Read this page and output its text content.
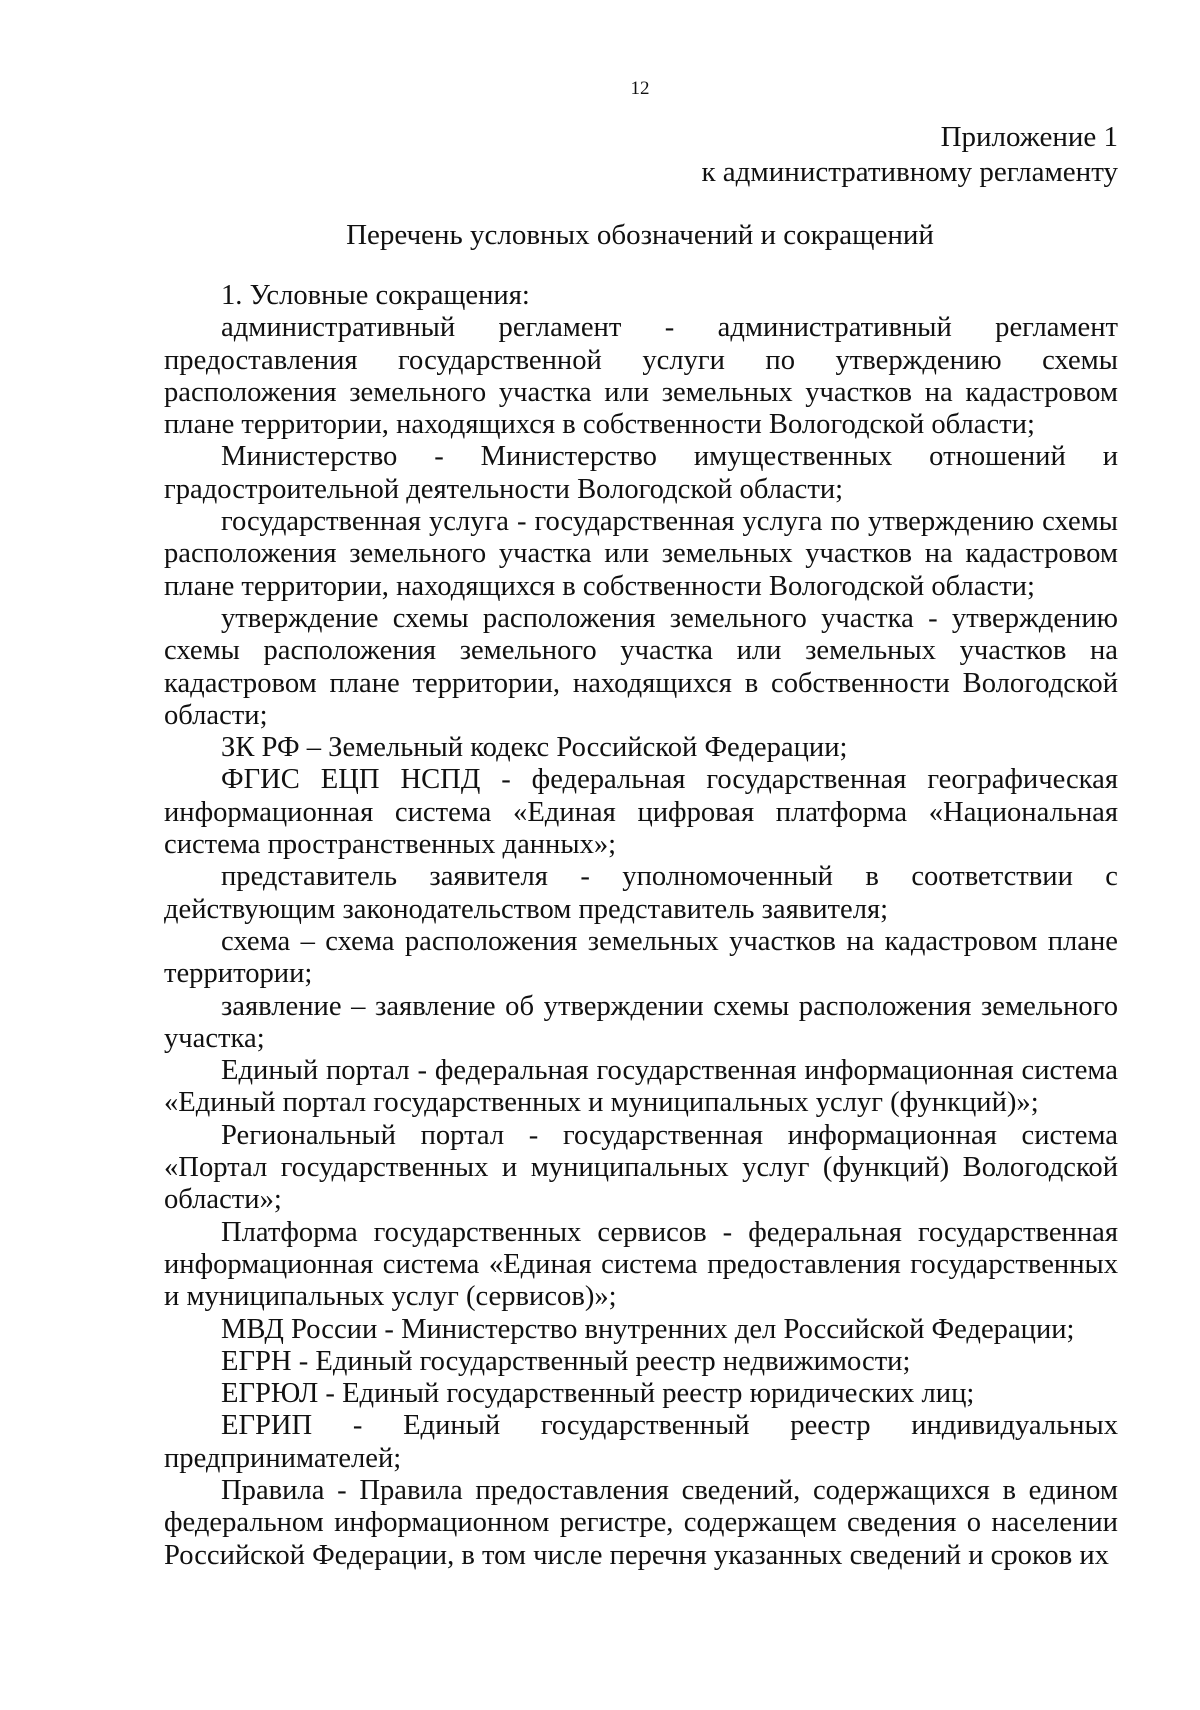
12
Приложение 1
к административному регламенту
Перечень условных обозначений и сокращений

1. Условные сокращения:

административный регламент - административный регламент предоставления государственной услуги по утверждению схемы расположения земельного участка или земельных участков на кадастровом плане территории, находящихся в собственности Вологодской области;

Министерство - Министерство имущественных отношений и градостроительной деятельности Вологодской области;

государственная услуга - государственная услуга по утверждению схемы расположения земельного участка или земельных участков на кадастровом плане территории, находящихся в собственности Вологодской области;

утверждение схемы расположения земельного участка - утверждению схемы расположения земельного участка или земельных участков на кадастровом плане территории, находящихся в собственности Вологодской области;

ЗК РФ – Земельный кодекс Российской Федерации;

ФГИС ЕЦП НСПД - федеральная государственная географическая информационная система «Единая цифровая платформа «Национальная система пространственных данных»;

представитель заявителя - уполномоченный в соответствии с действующим законодательством представитель заявителя;

схема – схема расположения земельных участков на кадастровом плане территории;

заявление – заявление об утверждении схемы расположения земельного участка;

Единый портал - федеральная государственная информационная система «Единый портал государственных и муниципальных услуг (функций)»;

Региональный портал - государственная информационная система «Портал государственных и муниципальных услуг (функций) Вологодской области»;

Платформа государственных сервисов - федеральная государственная информационная система «Единая система предоставления государственных и муниципальных услуг (сервисов)»;

МВД России - Министерство внутренних дел Российской Федерации;

ЕГРН - Единый государственный реестр недвижимости;

ЕГРЮЛ - Единый государственный реестр юридических лиц;

ЕГРИП - Единый государственный реестр индивидуальных предпринимателей;

Правила - Правила предоставления сведений, содержащихся в едином федеральном информационном регистре, содержащем сведения о населении Российской Федерации, в том числе перечня указанных сведений и сроков их
